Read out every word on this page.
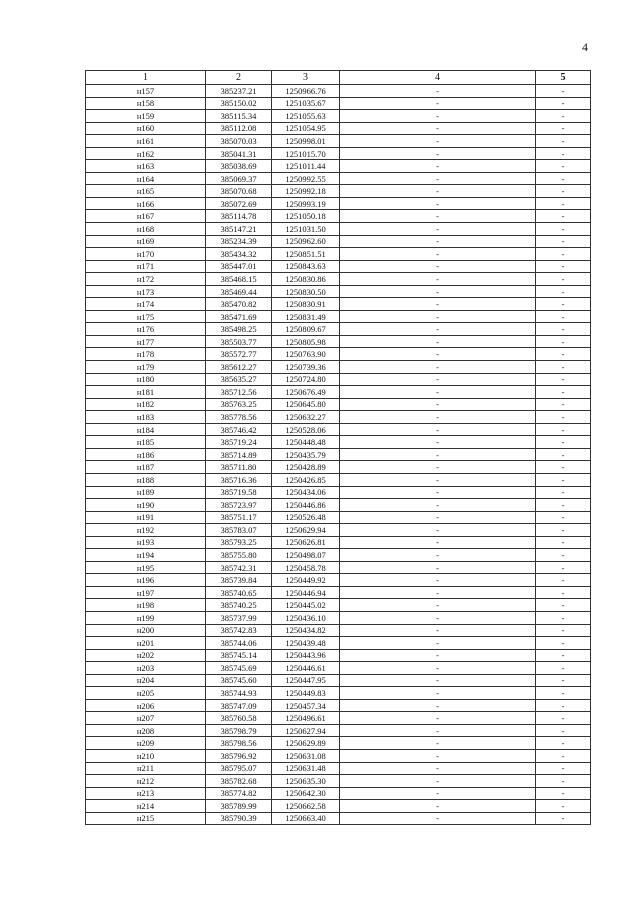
4
1	2	3	4	5
н157	385237.21	1250966.76	-	-
н158	385150.02	1251035.67	-	-
н159	385115.34	1251055.63	-	-
н160	385112.08	1251054.95	-	-
н161	385070.03	1250998.01	-	-
н162	385041.31	1251015.70	-	-
н163	385038.69	1251011.44	-	-
н164	385069.37	1250992.55	-	-
н165	385070.68	1250992.18	-	-
н166	385072.69	1250993.19	-	-
н167	385114.78	1251050.18	-	-
н168	385147.21	1251031.50	-	-
н169	385234.39	1250962.60	-	-
н170	385434.32	1250851.51	-	-
н171	385447.01	1250843.63	-	-
н172	385468.15	1250830.86	-	-
н173	385469.44	1250830.50	-	-
н174	385470.82	1250830.91	-	-
н175	385471.69	1250831.49	-	-
н176	385498.25	1250809.67	-	-
н177	385503.77	1250805.98	-	-
н178	385572.77	1250763.90	-	-
н179	385612.27	1250739.36	-	-
н180	385635.27	1250724.80	-	-
н181	385712.56	1250676.49	-	-
н182	385763.25	1250645.80	-	-
н183	385778.56	1250632.27	-	-
н184	385746.42	1250528.06	-	-
н185	385719.24	1250448.48	-	-
н186	385714.89	1250435.79	-	-
н187	385711.80	1250428.89	-	-
н188	385716.36	1250426.85	-	-
н189	385719.58	1250434.06	-	-
н190	385723.97	1250446.86	-	-
н191	385751.17	1250526.48	-	-
н192	385783.07	1250629.94	-	-
н193	385793.25	1250626.81	-	-
н194	385755.80	1250498.07	-	-
н195	385742.31	1250458.78	-	-
н196	385739.84	1250449.92	-	-
н197	385740.65	1250446.94	-	-
н198	385740.25	1250445.02	-	-
н199	385737.99	1250436.10	-	-
н200	385742.83	1250434.82	-	-
н201	385744.06	1250439.48	-	-
н202	385745.14	1250443.96	-	-
н203	385745.69	1250446.61	-	-
н204	385745.60	1250447.95	-	-
н205	385744.93	1250449.83	-	-
н206	385747.09	1250457.34	-	-
н207	385760.58	1250496.61	-	-
н208	385798.79	1250627.94	-	-
н209	385798.56	1250629.89	-	-
н210	385796.92	1250631.08	-	-
н211	385795.07	1250631.48	-	-
н212	385782.68	1250635.30	-	-
н213	385774.82	1250642.30	-	-
н214	385789.99	1250662.58	-	-
н215	385790.39	1250663.40	-	-
